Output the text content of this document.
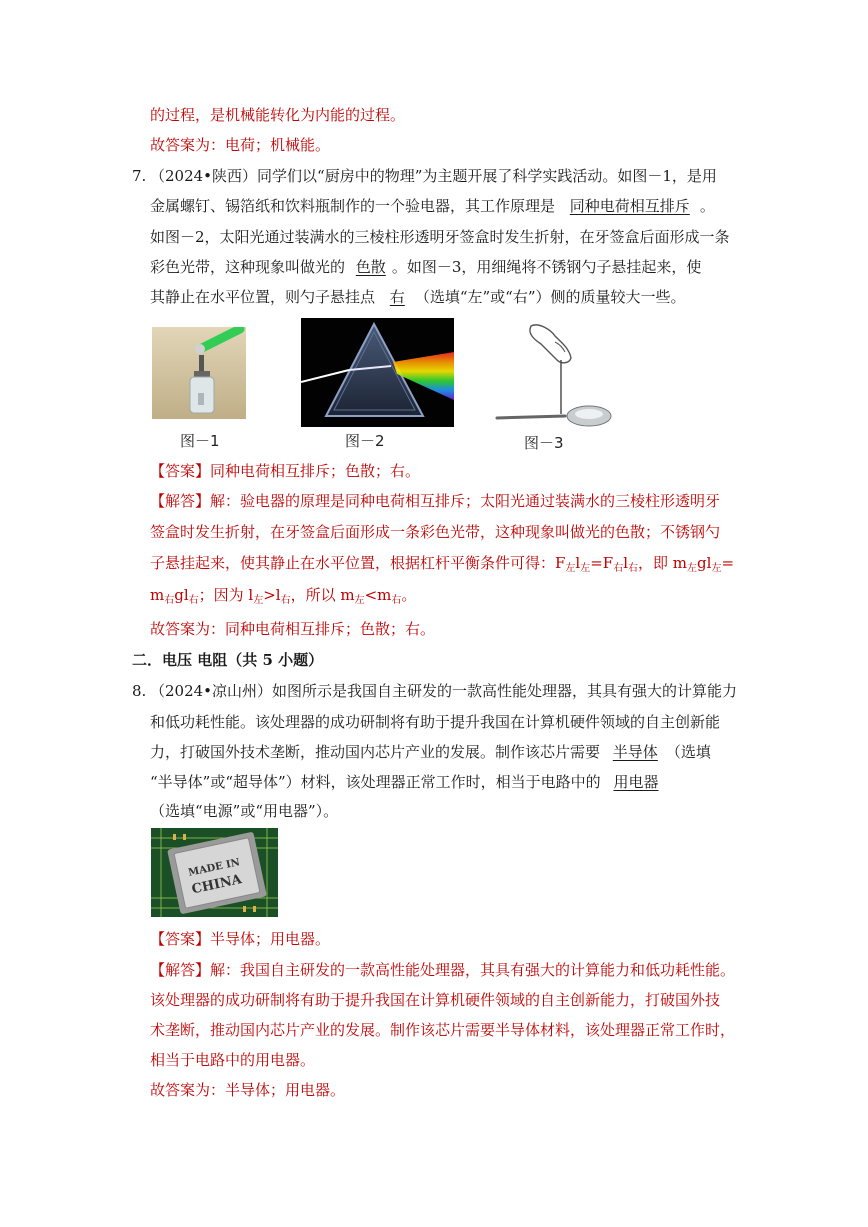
的过程，是机械能转化为内能的过程。
故答案为：电荷；机械能。
7. （2024•陕西）同学们以“厨房中的物理”为主题开展了科学实践活动。如图－1，是用
金属螺钉、锡箔纸和饮料瓶制作的一个验电器，其工作原理是 同种电荷相互排斥 。
如图－2，太阳光通过装满水的三棱柱形透明牙签盒时发生折射，在牙签盒后面形成一条
彩色光带，这种现象叫做光的 色散 。如图－3，用细绳将不锈钢勺子悬挂起来，使
其静止在水平位置，则勺子悬挂点 右 （选填“左”或“右”）侧的质量较大一些。
图－1	图－2	图－3
【答案】同种电荷相互排斥；色散；右。
【解答】解：验电器的原理是同种电荷相互排斥；太阳光通过装满水的三棱柱形透明牙
签盒时发生折射，在牙签盒后面形成一条彩色光带，这种现象叫做光的色散；不锈钢勺
子悬挂起来，使其静止在水平位置，根据杠杆平衡条件可得：$F_左l_左=F_右l_右$，即 $m_左gl_左=$
$m_右gl_右$；因为 $l_左>l_右$，所以 $m_左<m_右$。
故答案为：同种电荷相互排斥；色散；右。
二．电压 电阻（共 5 小题）
8. （2024•凉山州）如图所示是我国自主研发的一款高性能处理器，其具有强大的计算能力
和低功耗性能。该处理器的成功研制将有助于提升我国在计算机硬件领域的自主创新能
力，打破国外技术垄断，推动国内芯片产业的发展。制作该芯片需要 半导体 （选填
“半导体”或“超导体”）材料，该处理器正常工作时，相当于电路中的 用电器
（选填“电源”或“用电器”）。
MADE IN
CHINA
【答案】半导体；用电器。
【解答】解：我国自主研发的一款高性能处理器，其具有强大的计算能力和低功耗性能。
该处理器的成功研制将有助于提升我国在计算机硬件领域的自主创新能力，打破国外技
术垄断，推动国内芯片产业的发展。制作该芯片需要半导体材料，该处理器正常工作时，
相当于电路中的用电器。
故答案为：半导体；用电器。
